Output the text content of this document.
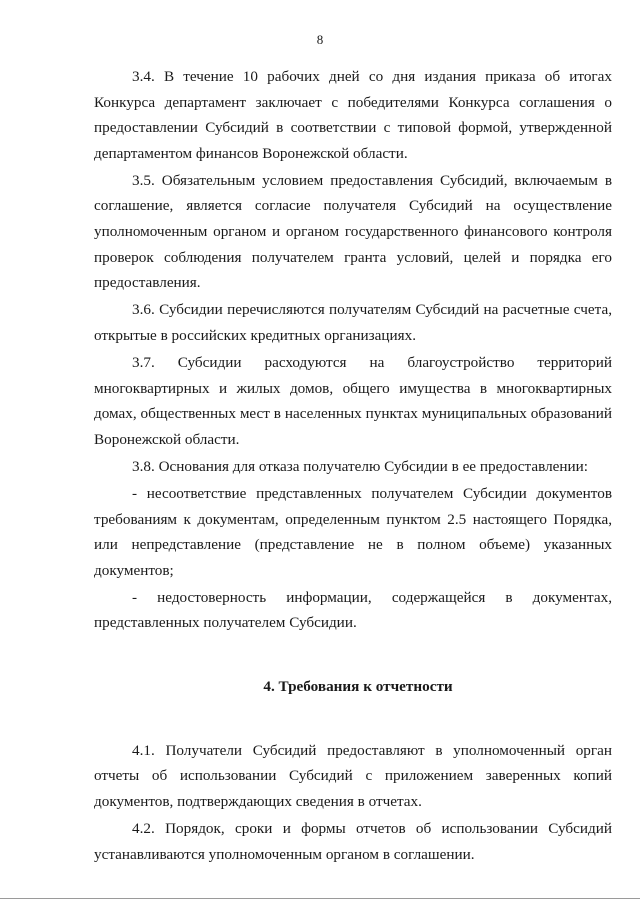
8

3.4. В течение 10 рабочих дней со дня издания приказа об итогах Конкурса департамент заключает с победителями Конкурса соглашения о предоставлении Субсидий в соответствии с типовой формой, утвержденной департаментом финансов Воронежской области.

3.5. Обязательным условием предоставления Субсидий, включаемым в соглашение, является согласие получателя Субсидий на осуществление уполномоченным органом и органом государственного финансового контроля проверок соблюдения получателем гранта условий, целей и порядка его предоставления.

3.6. Субсидии перечисляются получателям Субсидий на расчетные счета, открытые в российских кредитных организациях.

3.7. Субсидии расходуются на благоустройство территорий многоквартирных и жилых домов, общего имущества в многоквартирных домах, общественных мест в населенных пунктах муниципальных образований Воронежской области.

3.8. Основания для отказа получателю Субсидии в ее предоставлении:

- несоответствие представленных получателем Субсидии документов требованиям к документам, определенным пунктом 2.5 настоящего Порядка, или непредставление (представление не в полном объеме) указанных документов;

- недостоверность информации, содержащейся в документах, представленных получателем Субсидии.

4. Требования к отчетности

4.1. Получатели Субсидий предоставляют в уполномоченный орган отчеты об использовании Субсидий с приложением заверенных копий документов, подтверждающих сведения в отчетах.

4.2. Порядок, сроки и формы отчетов об использовании Субсидий устанавливаются уполномоченным органом в соглашении.
